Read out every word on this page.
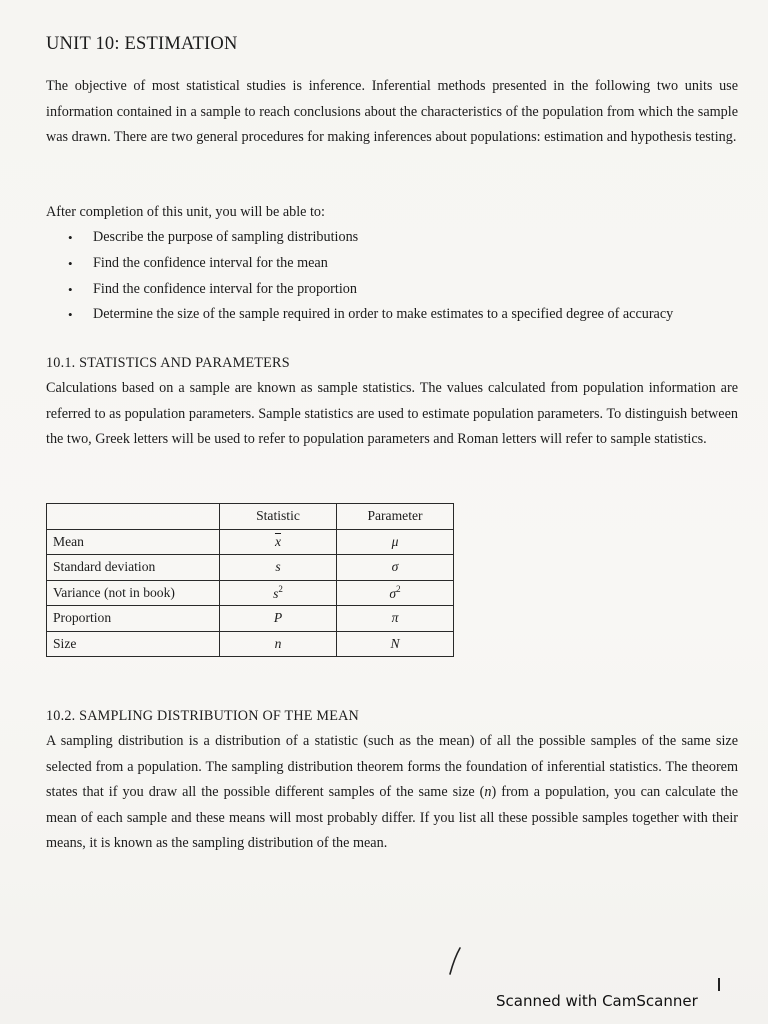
UNIT 10: ESTIMATION
The objective of most statistical studies is inference. Inferential methods presented in the following two units use information contained in a sample to reach conclusions about the characteristics of the population from which the sample was drawn. There are two general procedures for making inferences about populations: estimation and hypothesis testing.
After completion of this unit, you will be able to:
• Describe the purpose of sampling distributions
• Find the confidence interval for the mean
• Find the confidence interval for the proportion
• Determine the size of the sample required in order to make estimates to a specified degree of accuracy
10.1. STATISTICS AND PARAMETERS
Calculations based on a sample are known as sample statistics. The values calculated from population information are referred to as population parameters. Sample statistics are used to estimate population parameters. To distinguish between the two, Greek letters will be used to refer to population parameters and Roman letters will refer to sample statistics.
	Statistic	Parameter
Mean	$\overline{x}$	μ
Standard deviation	s	σ
Variance (not in book)	$s^2$	$\sigma^2$
Proportion	P	π
Size	n	N
10.2. SAMPLING DISTRIBUTION OF THE MEAN
A sampling distribution is a distribution of a statistic (such as the mean) of all the possible samples of the same size selected from a population. The sampling distribution theorem forms the foundation of inferential statistics. The theorem states that if you draw all the possible different samples of the same size (n) from a population, you can calculate the mean of each sample and these means will most probably differ. If you list all these possible samples together with their means, it is known as the sampling distribution of the mean.
Scanned with CamScanner
